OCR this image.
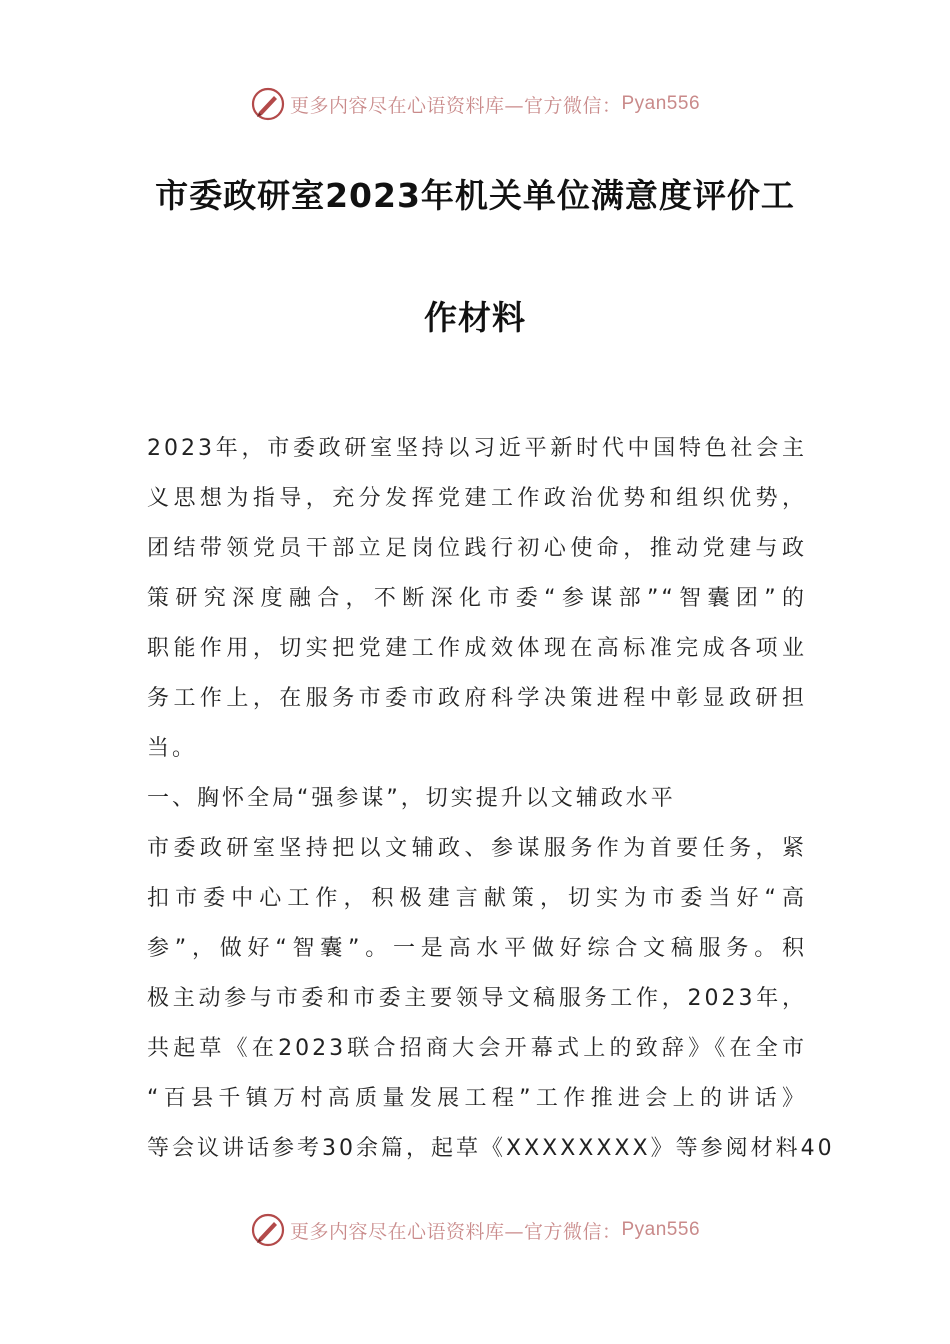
更多内容尽在心语资料库—官方微信： Pyan556
市委政研室2023年机关单位满意度评价工
作材料
2023年，市委政研室坚持以习近平新时代中国特色社会主
义思想为指导，充分发挥党建工作政治优势和组织优势，
团结带领党员干部立足岗位践行初心使命，推动党建与政
策研究深度融合，不断深化市委“参谋部”“智囊团”的
职能作用，切实把党建工作成效体现在高标准完成各项业
务工作上，在服务市委市政府科学决策进程中彰显政研担
当。
一、胸怀全局“强参谋”，切实提升以文辅政水平
市委政研室坚持把以文辅政、参谋服务作为首要任务，紧
扣市委中心工作，积极建言献策，切实为市委当好“高
参”，做好“智囊”。一是高水平做好综合文稿服务。积
极主动参与市委和市委主要领导文稿服务工作，2023年，
共起草《在2023联合招商大会开幕式上的致辞》《在全市
“百县千镇万村高质量发展工程”工作推进会上的讲话》
等会议讲话参考30余篇，起草《XXXXXXXX》等参阅材料40
更多内容尽在心语资料库—官方微信： Pyan556
